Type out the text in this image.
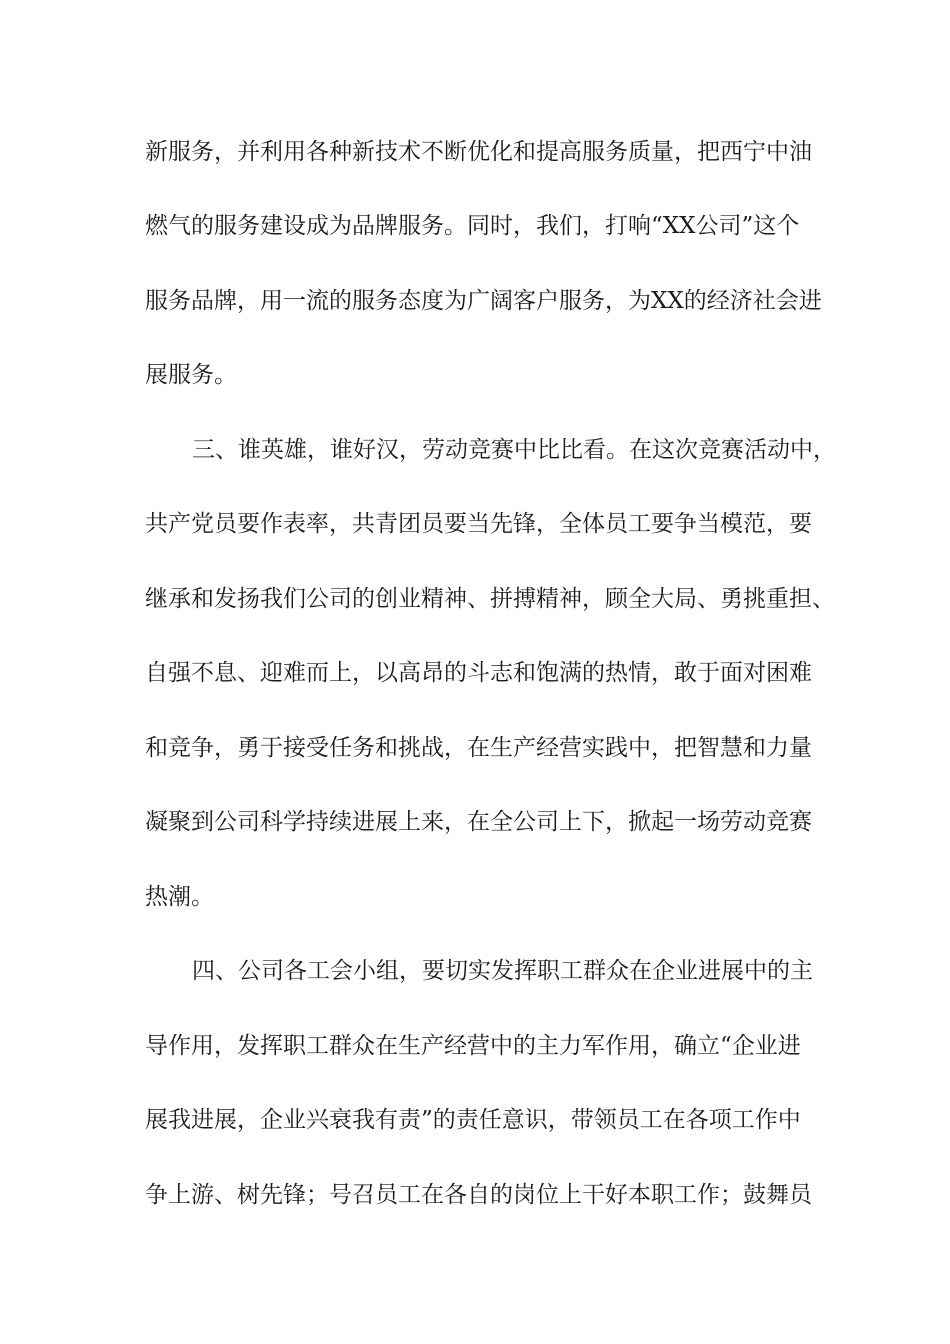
新服务，并利用各种新技术不断优化和提高服务质量，把西宁中油
燃气的服务建设成为品牌服务。同时，我们，打响“XX公司”这个
服务品牌，用一流的服务态度为广阔客户服务，为XX的经济社会进
展服务。
三、谁英雄，谁好汉，劳动竞赛中比比看。在这次竞赛活动中，
共产党员要作表率，共青团员要当先锋，全体员工要争当模范，要
继承和发扬我们公司的创业精神、拼搏精神，顾全大局、勇挑重担、
自强不息、迎难而上，以高昂的斗志和饱满的热情，敢于面对困难
和竞争，勇于接受任务和挑战，在生产经营实践中，把智慧和力量
凝聚到公司科学持续进展上来，在全公司上下，掀起一场劳动竞赛
热潮。
四、公司各工会小组，要切实发挥职工群众在企业进展中的主
导作用，发挥职工群众在生产经营中的主力军作用，确立“企业进
展我进展，企业兴衰我有责”的责任意识，带领员工在各项工作中
争上游、树先锋；号召员工在各自的岗位上干好本职工作；鼓舞员
